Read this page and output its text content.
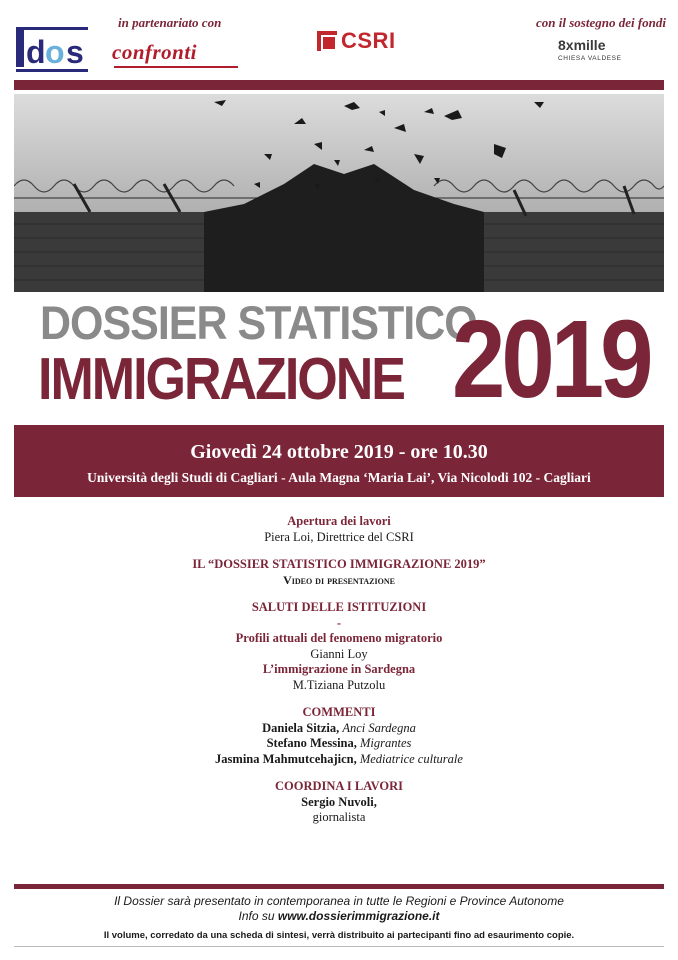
d o s
in partenariato con
confronti	CSRI
con il sostegno dei fondi
8xmille
CHIESA VALDESE
DOSSIER STATISTICO
IMMIGRAZIONE 2019
Giovedì 24 ottobre 2019 - ore 10.30
Università degli Studi di Cagliari - Aula Magna ‘Maria Lai’, Via Nicolodi 102 - Cagliari
Apertura dei lavori
Piera Loi, Direttrice del CSRI
IL “DOSSIER STATISTICO IMMIGRAZIONE 2019”
Video di presentazione
SALUTI DELLE ISTITUZIONI
-
Profili attuali del fenomeno migratorio
Gianni Loy
L’immigrazione in Sardegna
M.Tiziana Putzolu
COMMENTI
Daniela Sitzia, Anci Sardegna
Stefano Messina, Migrantes
Jasmina Mahmutcehajicn, Mediatrice culturale
COORDINA I LAVORI
Sergio Nuvoli,
giornalista
Il Dossier sarà presentato in contemporanea in tutte le Regioni e Province Autonome
Info su www.dossierimmigrazione.it
Il volume, corredato da una scheda di sintesi, verrà distribuito ai partecipanti fino ad esaurimento copie.
